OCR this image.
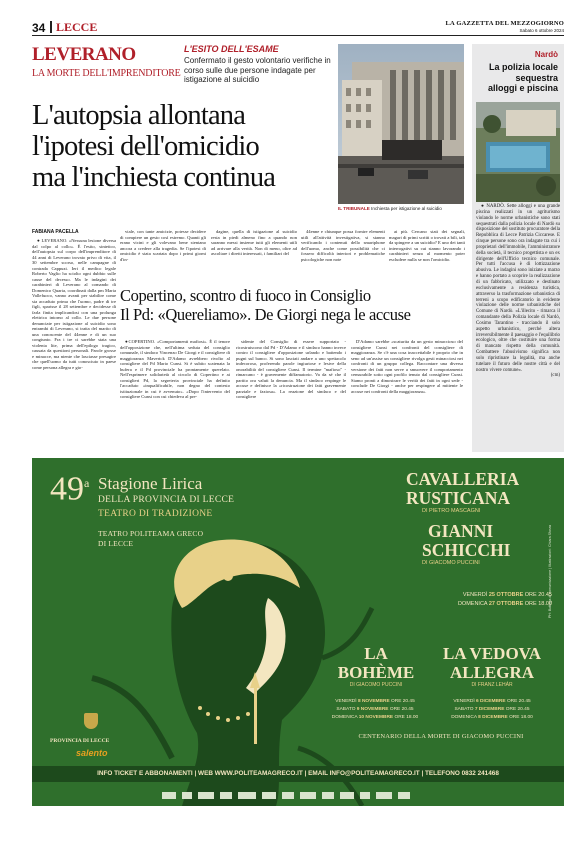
34 LECCE	LA GAZZETTA DEL MEZZOGIORNO
Sabato 6 ottobre 2024
LEVERANO
LA MORTE DELL'IMPRENDITORE
L'ESITO DELL'ESAME
Confermato il gesto volontario verifiche in corso sulle due persone indagate per istigazione al suicidio
L'autopsia allontana
l'ipotesi dell'omicidio
ma l'inchiesta continua
IL TRIBUNALE Inchiesta per istigazione al suicidio
FABIANA PACELLA

● LEVERANO. «Nessuna lesione diversa dal colpo al collo». È l'esito, sintetico, dell'autopsia sul corpo dell'imprenditore di 44 anni di Leverano trovato privo di vita, il 30 settembre scorso, nelle campagne di contrada Cappuzi. Ieri il medico legale Roberto Vaglio ha sciolto ogni dubbio sulle cause del decesso. Ma le indagini dei carabinieri di Leverano al comando di Domenico Quarta, coordinati dalla pm Maria Vallefuoco, vanno avanti per stabilire come sia accaduto prima che l'uomo, padre di tre figli, sparisse il 28 settembre e decidesse di farla finita implicandosi con una prolunga elettrica intorno al collo. Le due persone denunciate per istigazione al suicidio sono entrambi di Leverano, si tratta del marito di una conoscente del 44enne e di un suo congiunto. Fra i tre ci sarebbe stata una violenta lite, prima dell'epilogo tragico, causata da questioni personali. Parole grosse e minacce, ma niente che lasciasse presagire che quell'uomo da tutti conosciuto in paese come persona allegra e gio-

viale, con tante amicizie, potesse decidere di compiere un gesto così estremo. Quanti gli erano vicini e gli volevano bene stentano ancora a credere alla tragedia. Se l'ipotesi di omicidio è stata scartata dopo i primi giorni d'in-

dagine, quella di istigazione al suicidio resta in piedi almeno fino a quando non saranno messi insieme tutti gli elementi utili ad arrivare alla verità. Non di meno, oltre ad ascoltare i diretti interessati, i familiari del

44enne e chiunque possa fornire elementi utili all'attività investigativa, si stanno verificando i contenuti dello smartphone dell'uomo, anche come possibilità che ci fossero difficoltà interiori e problematiche psicologiche non note

ai più. Cercano stati dei segnali, magari di primi scritti o trovati a bili, tali da spingere a un suicidio? E uno dei tanti interrogativi su cui stanno lavorando i carabinieri senza al momento poter escludere nulla se non l'omicidio.

Copertino, scontro di fuoco in Consiglio
Il Pd: «Quereliamo». De Giorgi nega le accuse

●COPERTINO. «Comportamenti mafiosi». È il tenore dell'opposizione che, nell'ultima seduta del consiglio comunale, il sindaco Vincenzo De Giorgi e il consigliere di maggioranza Maverick D'Adamo avrebbero rivolto al consigliere del Pd Mario Cunsi. Si è subito scatenata la bufera e il Pd provinciale ha prontamente querelato. Nell'esprimere solidarietà al circolo di Copertino e ai consiglieri Pd, la segreteria provinciale ha definito l'accaduto «inqualificabile, non degno del contesto istituzionale in cui è avvenuto». «Dopo l'intervento del consigliere Cunsi con cui chiedeva al pre-

sidente del Consiglio di essere supportato - ricostruiscono dal Pd - D'Adamo e il sindaco hanno invece contro il consigliere d'opposizione urlando e battendo i pugni sul banco. Si sono lasciati andare a uno spettacolo indecoroso, proferendo parole ingiuriose e lesive della onorabilità del consigliere Cunsi. Il termine "mafioso" - rimarcano - è gravemente diffamatorio. Va da sé che il partito ora valuti la denuncia. Ma il sindaco respinge le accuse e definisce la «ricostruzione dei fatti gravemente parziale e faziosa». La reazione del sindaco e del consigliere

D'Adamo sarebbe «scaturita da un gesto minaccioso del consigliere Cunsi nei confronti del consigliere di maggioranza. Se c'è una cosa inaccettabile è proprio che in seno ad un'assise un consigliere rivolga gesti minacciosi nei confronti di un gruppo collega. Raccontare una diversa versione dei fatti non serve a smuovere il comportamento censurabile sotto ogni profilo tenuto dal consigliere Cunsi. Siamo pronti a dimostrare le verità dei fatti in ogni sede - conclude De Giorgi - anche per respingere al mittente le accuse nei confronti della maggioranza».

Nardò
La polizia locale
sequestra
alloggi e piscina

● NARDÒ. Sette alloggi e una grande piscina realizzati in un agriturismo violando le norme urbanistiche sono stati sequestrati dalla polizia locale di Nardò su disposizione del sostituto procuratore della Repubblica di Lecce Patrizia Ciccarese. E cinque persone sono ora indagate tra cui i proprietari dell'immobile, l'amministratore della società, il tecnico progettista e un ex dirigente dell'Ufficio tecnico comunale. Per tutti l'accusa è di lottizzazione abusiva. Le indagini sono iniziate a marzo e hanno portato a scoprire la realizzazione di un fabbricato, utilizzato e destinato esclusivamente a residenza turistica, attraverso la trasformazione urbanistica di terreni a scopo edificatorio in evidente violazione delle norme urbanistiche del Comune di Nardò. «L'illecito - rimarca il comandante della Polizia locale di Nardò, Cosimo Tarantino - tracciando il solo aspetto urbanistico, perché altera irreversibilmente il paesaggio e l'equilibrio ecologico, oltre che costituire una forma di mancato rispetto della comunità. Combattere l'abusivismo significa non solo ripristinare la legalità, ma anche tutelare il futuro delle nostre città e del nostro vivere comune».

(cm)
49$^a$ Stagione Lirica
DELLA PROVINCIA DI LECCE
TEATRO DI TRADIZIONE
TEATRO POLITEAMA GRECO
DI LECCE	PH: Bottega di comunicazione | Illustrazioni: Chiara Sforza
CAVALLERIA
RUSTICANA
DI PIETRO MASCAGNI
GIANNI
SCHICCHI
DI GIACOMO PUCCINI
VENERDÌ 25 OTTOBRE ORE 20.45
DOMENICA 27 OTTOBRE ORE 18.00
LA
BOHÈME
DI GIACOMO PUCCINI
VENERDÌ 8 NOVEMBRE ORE 20.45
SABATO 9 NOVEMBRE ORE 20.45
DOMENICA 10 NOVEMBRE ORE 18.00
LA VEDOVA
ALLEGRA
DI FRANZ LEHÁR
VENERDÌ 6 DICEMBRE ORE 20.45
SABATO 7 DICEMBRE ORE 20.45
DOMENICA 8 DICEMBRE ORE 18.00
CENTENARIO DELLA MORTE DI GIACOMO PUCCINI
PROVINCIA DI LECCE
salento
INFO TICKET E ABBONAMENTI | WEB WWW.POLITEAMAGRECO.IT | EMAIL INFO@POLITEAMAGRECO.IT | TELEFONO 0832 241468
